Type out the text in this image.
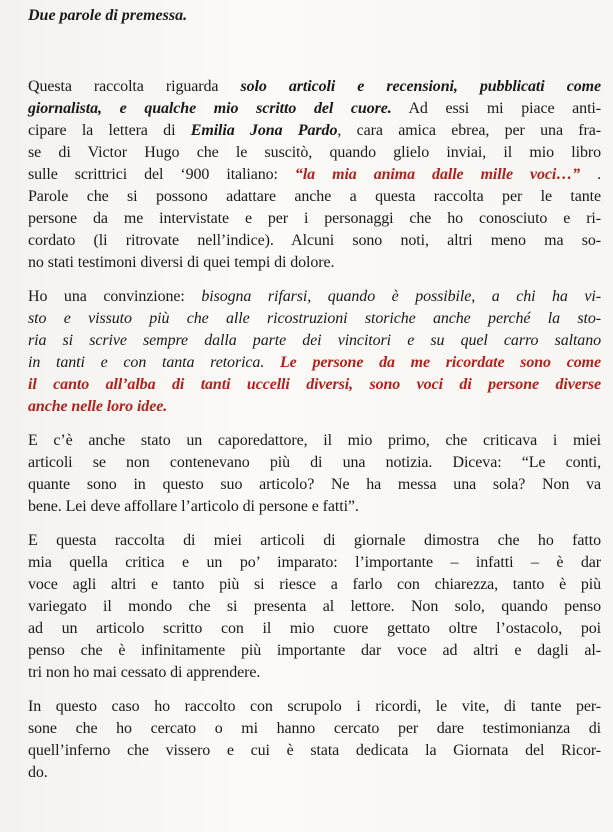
Due parole di premessa.

Questa raccolta riguarda solo articoli e recensioni, pubblicati come
giornalista, e qualche mio scritto del cuore. Ad essi mi piace anti-
cipare la lettera di Emilia Jona Pardo, cara amica ebrea, per una fra-
se di Victor Hugo che le suscitò, quando glielo inviai, il mio libro
sulle scrittrici del ‘900 italiano: “la mia anima dalle mille voci…” .
Parole che si possono adattare anche a questa raccolta per le tante
persone da me intervistate e per i personaggi che ho conosciuto e ri-
cordato (li ritrovate nell’indice). Alcuni sono noti, altri meno ma so-
no stati testimoni diversi di quei tempi di dolore.

Ho una convinzione: bisogna rifarsi, quando è possibile, a chi ha vi-
sto e vissuto più che alle ricostruzioni storiche anche perché la sto-
ria si scrive sempre dalla parte dei vincitori e su quel carro saltano
in tanti e con tanta retorica. Le persone da me ricordate sono come
il canto all’alba di tanti uccelli diversi, sono voci di persone diverse
anche nelle loro idee.

E c’è anche stato un caporedattore, il mio primo, che criticava i miei
articoli se non contenevano più di una notizia. Diceva: “Le conti,
quante sono in questo suo articolo? Ne ha messa una sola? Non va
bene. Lei deve affollare l’articolo di persone e fatti”.

E questa raccolta di miei articoli di giornale dimostra che ho fatto
mia quella critica e un po’ imparato: l’importante – infatti – è dar
voce agli altri e tanto più si riesce a farlo con chiarezza, tanto è più
variegato il mondo che si presenta al lettore. Non solo, quando penso
ad un articolo scritto con il mio cuore gettato oltre l’ostacolo, poi
penso che è infinitamente più importante dar voce ad altri e dagli al-
tri non ho mai cessato di apprendere.

In questo caso ho raccolto con scrupolo i ricordi, le vite, di tante per-
sone che ho cercato o mi hanno cercato per dare testimonianza di
quell’inferno che vissero e cui è stata dedicata la Giornata del Ricor-
do.
